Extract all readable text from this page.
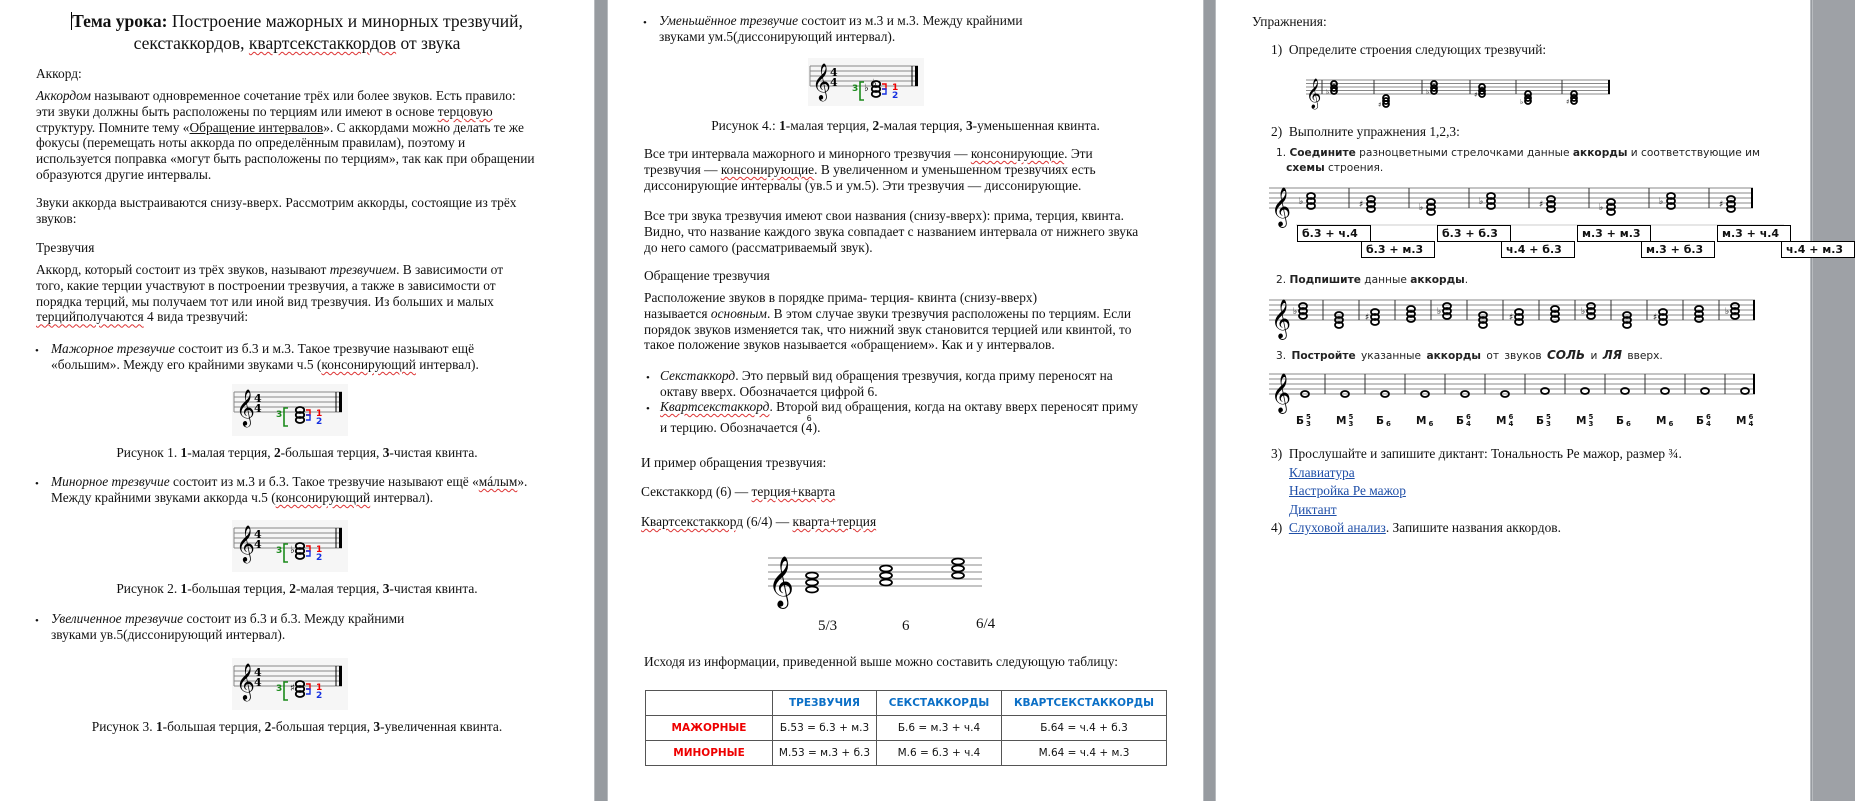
Тема урока: Построение мажорных и минорных трезвучий,
секстаккордов, квартсекстаккордов от звука

Аккорд:

Аккордом называют одновременное сочетание трёх или более звуков. Есть правило:
эти звуки должны быть расположены по терциям или имеют в основе терцовую
структуру. Помните тему «Обращение интервалов». С аккордами можно делать те же
фокусы (перемещать ноты аккорда по определённым правилам), поэтому и
используется поправка «могут быть расположены по терциям», так как при обращении
образуются другие интервалы.
Звуки аккорда выстраиваются снизу-вверх. Рассмотрим аккорды, состоящие из трёх
звуков:

Трезвучия

Аккорд, который состоит из трёх звуков, называют трезвучием. В зависимости от
того, какие терции участвуют в построении трезвучия, а также в зависимости от
порядка терций, мы получаем тот или иной вид трезвучия. Из больших и малых
терцийполучаются 4 вида трезвучий:
• Мажорное трезвучие состоит из б.3 и м.3. Такое трезвучие называют ещё
«большим». Между его крайними звуками ч.5 (консонирующий интервал).
𝄞 4
4 3	1
2
Рисунок 1. 1-малая терция, 2-большая терция, 3-чистая квинта.
• Минорное трезвучие состоит из м.3 и б.3. Такое трезвучие называют ещё «мáлым».
Между крайними звуками аккорда ч.5 (консонирующий интервал).
𝄞 4
4 3 ♭ 1
2
Рисунок 2. 1-большая терция, 2-малая терция, 3-чистая квинта.
• Увеличенное трезвучие состоит из б.3 и б.3. Между крайними
звуками ув.5(диссонирующий интервал).
𝄞 4
4 3 ♯ 1
2
Рисунок 3. 1-большая терция, 2-большая терция, 3-увеличенная квинта.
• Уменьшённое трезвучие состоит из м.3 и м.3. Между крайними
звуками ум.5(диссонирующий интервал).
𝄞 4
4 3 ♭ ♭ 1
2
Рисунок 4.: 1-малая терция, 2-малая терция, 3-уменьшенная квинта.
Все три интервала мажорного и минорного трезвучия — консонирующие. Эти
трезвучия — консонирующие. В увеличенном и уменьшенном трезвучиях есть
диссонирующие интервалы (ув.5 и ум.5). Эти трезвучия — диссонирующие.
Все три звука трезвучия имеют свои названия (снизу-вверх): прима, терция, квинта.
Видно, что название каждого звука совпадает с названием интервала от нижнего звука
до него самого (рассматриваемый звук).

Обращение трезвучия

Расположение звуков в порядке прима- терция- квинта (снизу-вверх)
называется основным. В этом случае звуки трезвучия расположены по терциям. Если
порядок звуков изменяется так, что нижний звук становится терцией или квинтой, то
такое положение звуков называется «обращением». Как и у интервалов.
• Секстаккорд. Это первый вид обращения трезвучия, когда приму переносят на
октаву вверх. Обозначается цифрой 6.
• Квартсекстаккорд. Второй вид обращения, когда на октаву вверх переносят приму
и терцию. Обозначается (
6
4).

И пример обращения трезвучия:

Секстаккорд (6) — терция+кварта

Квартсекстаккорд (6/4) — кварта+терция

𝄞
5/3	6	6/4

Исходя из информации, приведенной выше можно составить следующую таблицу:

	ТРЕЗВУЧИЯ	СЕКСТАККОРДЫ	КВАРТСЕКСТАККОРДЫ
МАЖОРНЫЕ	Б.53 = б.3 + м.3	Б.6 = м.3 + ч.4	Б.64 = ч.4 + б.3
МИНОРНЫЕ	М.53 = м.3 + б.3	М.6 = б.3 + ч.4	М.64 = ч.4 + м.3

Упражнения:

1) Определите строения следующих трезвучий:

𝄞 ♭
♯
♭	♯
♭	♯

2) Выполните упражнения 1,2,3:

1. Соедините разноцветными стрелочками данные аккорды и соответствующие им
схемы строения.
𝄞 ♭	♯	♭
♭	♯	♭
♭	♯
2. Подпишите данные аккорды.
𝄞 ♭
♯
♭
♯
♭
♯
♭
3. Постройте указанные аккорды от звуков СОЛЬ и ЛЯ вверх.
𝄞

3) Прослушайте и запишите диктант: Тональность Ре мажор, размер ¾.

Клавиатура

Настройка Ре мажор

Диктант

4) Слуховой анализ. Запишите названия аккордов.

б.3 + ч.4	б.3 + б.3	м.3 + м.3	м.3 + ч.4
б.3 + м.3	ч.4 + б.3	м.3 + б.3	ч.4 + м.3
Б 5
3 М 5
3 Б 6 М 6 Б 6
4 М 6
4 Б 5
3 М 5
3 Б 6 М 6 Б 6
4 М 6
4
